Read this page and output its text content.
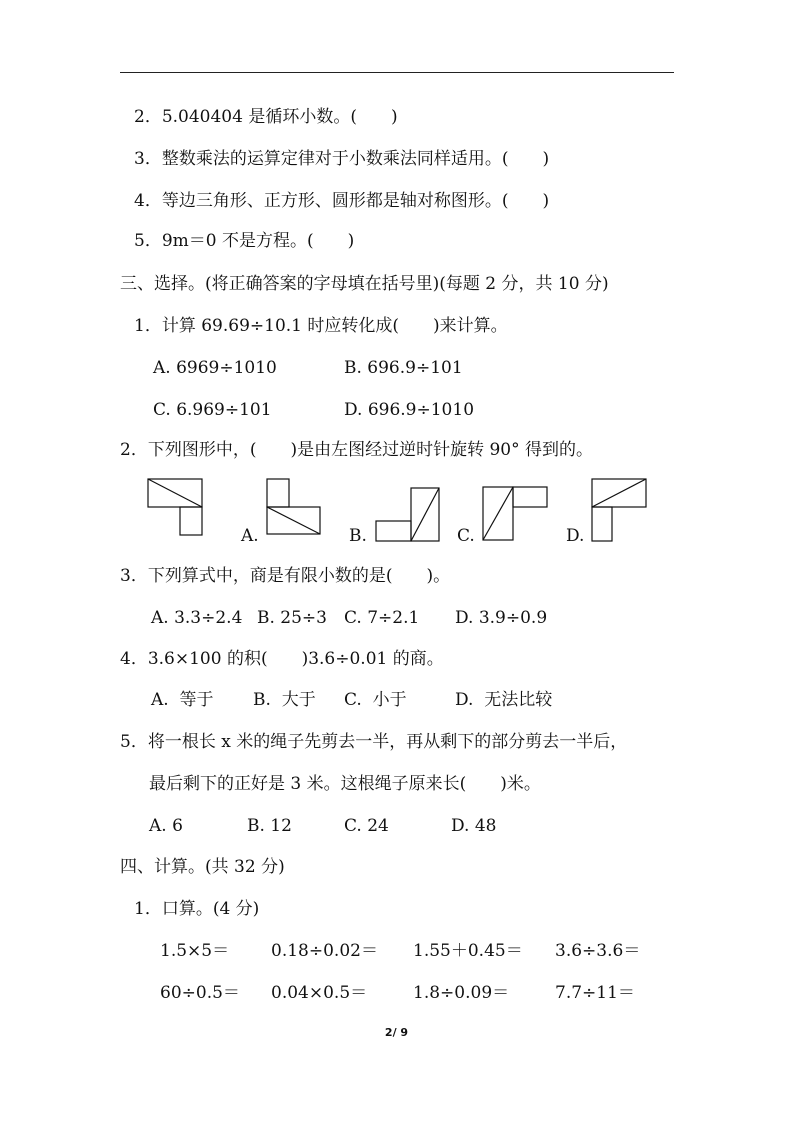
2．5.040404 是循环小数。(　　)
3．整数乘法的运算定律对于小数乘法同样适用。(　　)
4．等边三角形、正方形、圆形都是轴对称图形。(　　)
5．9m＝0 不是方程。(　　)
三、选择。(将正确答案的字母填在括号里)(每题 2 分，共 10 分)
1．计算 69.69÷10.1 时应转化成(　　)来计算。
A. 6969÷1010	B. 696.9÷101
C. 6.969÷101	D. 696.9÷1010
2．下列图形中，(　　)是由左图经过逆时针旋转 90° 得到的。
A.	B.	C.	D.
3．下列算式中，商是有限小数的是(　　)。
A. 3.3÷2.4 B. 25÷3 C. 7÷2.1 D. 3.9÷0.9
4．3.6×100 的积(　　)3.6÷0.01 的商。
A.  等于 B.  大于 C.  小于	D.  无法比较
5．将一根长 x 米的绳子先剪去一半，再从剩下的部分剪去一半后，
最后剩下的正好是 3 米。这根绳子原来长(　　)米。
A. 6	B. 12	C. 24	D. 48
四、计算。(共 32 分)
1．口算。(4 分)
1.5×5＝ 0.18÷0.02＝ 1.55＋0.45＝ 3.6÷3.6＝
60÷0.5＝ 0.04×0.5＝	1.8÷0.09＝	7.7÷11＝
2/ 9
